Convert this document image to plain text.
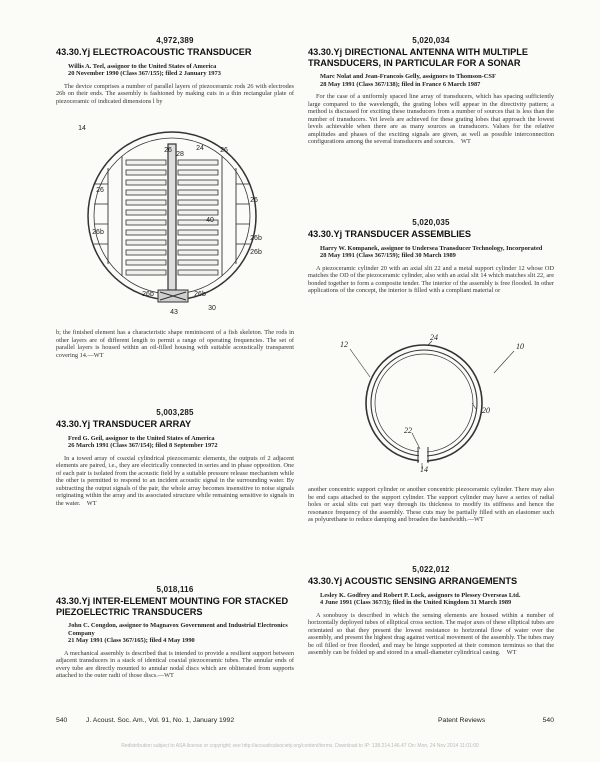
4,972,389
43.30.Yj ELECTROACOUSTIC TRANSDUCER
Willis A. Teel, assignor to the United States of America
20 November 1990 (Class 367/155); filed 2 January 1973

The device comprises a number of parallel layers of piezoceramic rods 26 with electrodes 26b on their ends. The assembly is fashioned by making cuts in a thin rectangular plate of piezoceramic of indicated dimensions l by

14
26
28
24 26
40
26
26
26b
26b
26b
26b	26b
43
30

b; the finished element has a characteristic shape reminiscent of a fish skeleton. The rods in other layers are of different length to permit a range of operating frequencies. The set of parallel layers is housed within an oil-filled housing with suitable acoustically transparent covering 14.—WT

5,003,285
43.30.Yj TRANSDUCER ARRAY
Fred G. Geil, assignor to the United States of America
26 March 1991 (Class 367/154); filed 8 September 1972

In a towed array of coaxial cylindrical piezoceramic elements, the outputs of 2 adjacent elements are paired, i.e., they are electrically connected in series and in phase opposition. One of each pair is isolated from the acoustic field by a suitable pressure release mechanism while the other is permitted to respond to an incident acoustic signal in the surrounding water. By subtracting the output signals of the pair, the whole array becomes insensitive to noise signals originating within the array and its associated structure while remaining sensitive to signals in the water. WT

5,018,116
43.30.Yj INTER-ELEMENT MOUNTING FOR STACKED PIEZOELECTRIC TRANSDUCERS
John C. Congdon, assignor to Magnavox Government and Industrial Electronics Company
21 May 1991 (Class 367/165); filed 4 May 1990

A mechanical assembly is described that is intended to provide a resilient support between adjacent transducers in a stack of identical coaxial piezoceramic tubes. The annular ends of every tube are directly mounted to annular nodal discs which are obliterated from supports attached to the outer radii of those discs.—WT

5,020,034
43.30.Yj DIRECTIONAL ANTENNA WITH MULTIPLE TRANSDUCERS, IN PARTICULAR FOR A SONAR
Marc Nolat and Jean-Francois Gelly, assignors to Thomson-CSF
28 May 1991 (Class 367/138); filed in France 6 March 1987

For the case of a uniformly spaced line array of transducers, which has spacing sufficiently large compared to the wavelength, the grating lobes will appear in the directivity pattern; a method is discussed for exciting these transducers from a number of sources that is less than the number of transducers. Yet levels are achieved for these grating lobes that approach the lowest levels achievable when there are as many sources as transducers. Values for the relative amplitudes and phases of the exciting signals are given, as well as possible interconnection configurations among the several transducers and sources. WT

5,020,035
43.30.Yj TRANSDUCER ASSEMBLIES
Harry W. Kompanek, assignor to Undersea Transducer Technology, Incorporated
28 May 1991 (Class 367/159); filed 30 March 1989

A piezoceramic cylinder 20 with an axial slit 22 and a metal support cylinder 12 whose OD matches the OD of the piezoceramic cylinder, also with an axial slit 14 which matches slit 22, are bonded together to form a composite tender. The interior of the assembly is free flooded. In other applications of the concept, the interior is filled with a compliant material or

12
24
10
20
22
14

another concentric support cylinder or another concentric piezoceramic cylinder. There may also be end caps attached to the support cylinder. The support cylinder may have a series of radial holes or axial slits cut part way through its thickness to modify its stiffness and hence the resonance frequency of the assembly. These cuts may be partially filled with an elastomer such as polyurethane to reduce damping and broaden the bandwidth.—WT

5,022,012
43.30.Yj ACOUSTIC SENSING ARRANGEMENTS
Lesley K. Godfrey and Robert P. Lock, assignors to Plessey Overseas Ltd.
4 June 1991 (Class 367/3); filed in the United Kingdom 31 March 1989

A sonobuoy is described in which the sensing elements are housed within a number of horizontally deployed tubes of elliptical cross section. The major axes of these elliptical tubes are orientated so that they present the lowest resistance to horizontal flow of water over the assembly, and present the highest drag against vertical movement of the assembly. The tubes may be oil filled or free flooded, and may be hinge supported at their common terminus so that the assembly can be folded up and stored in a small-diameter cylindrical casing. WT

540	J. Acoust. Soc. Am., Vol. 91, No. 1, January 1992	Patent Reviews	540
Redistribution subject to ASA license or copyright; see http://acousticalsociety.org/content/terms. Download to IP: 138.214.146.47 On: Mon, 24 Nov 2014 11:01:00
